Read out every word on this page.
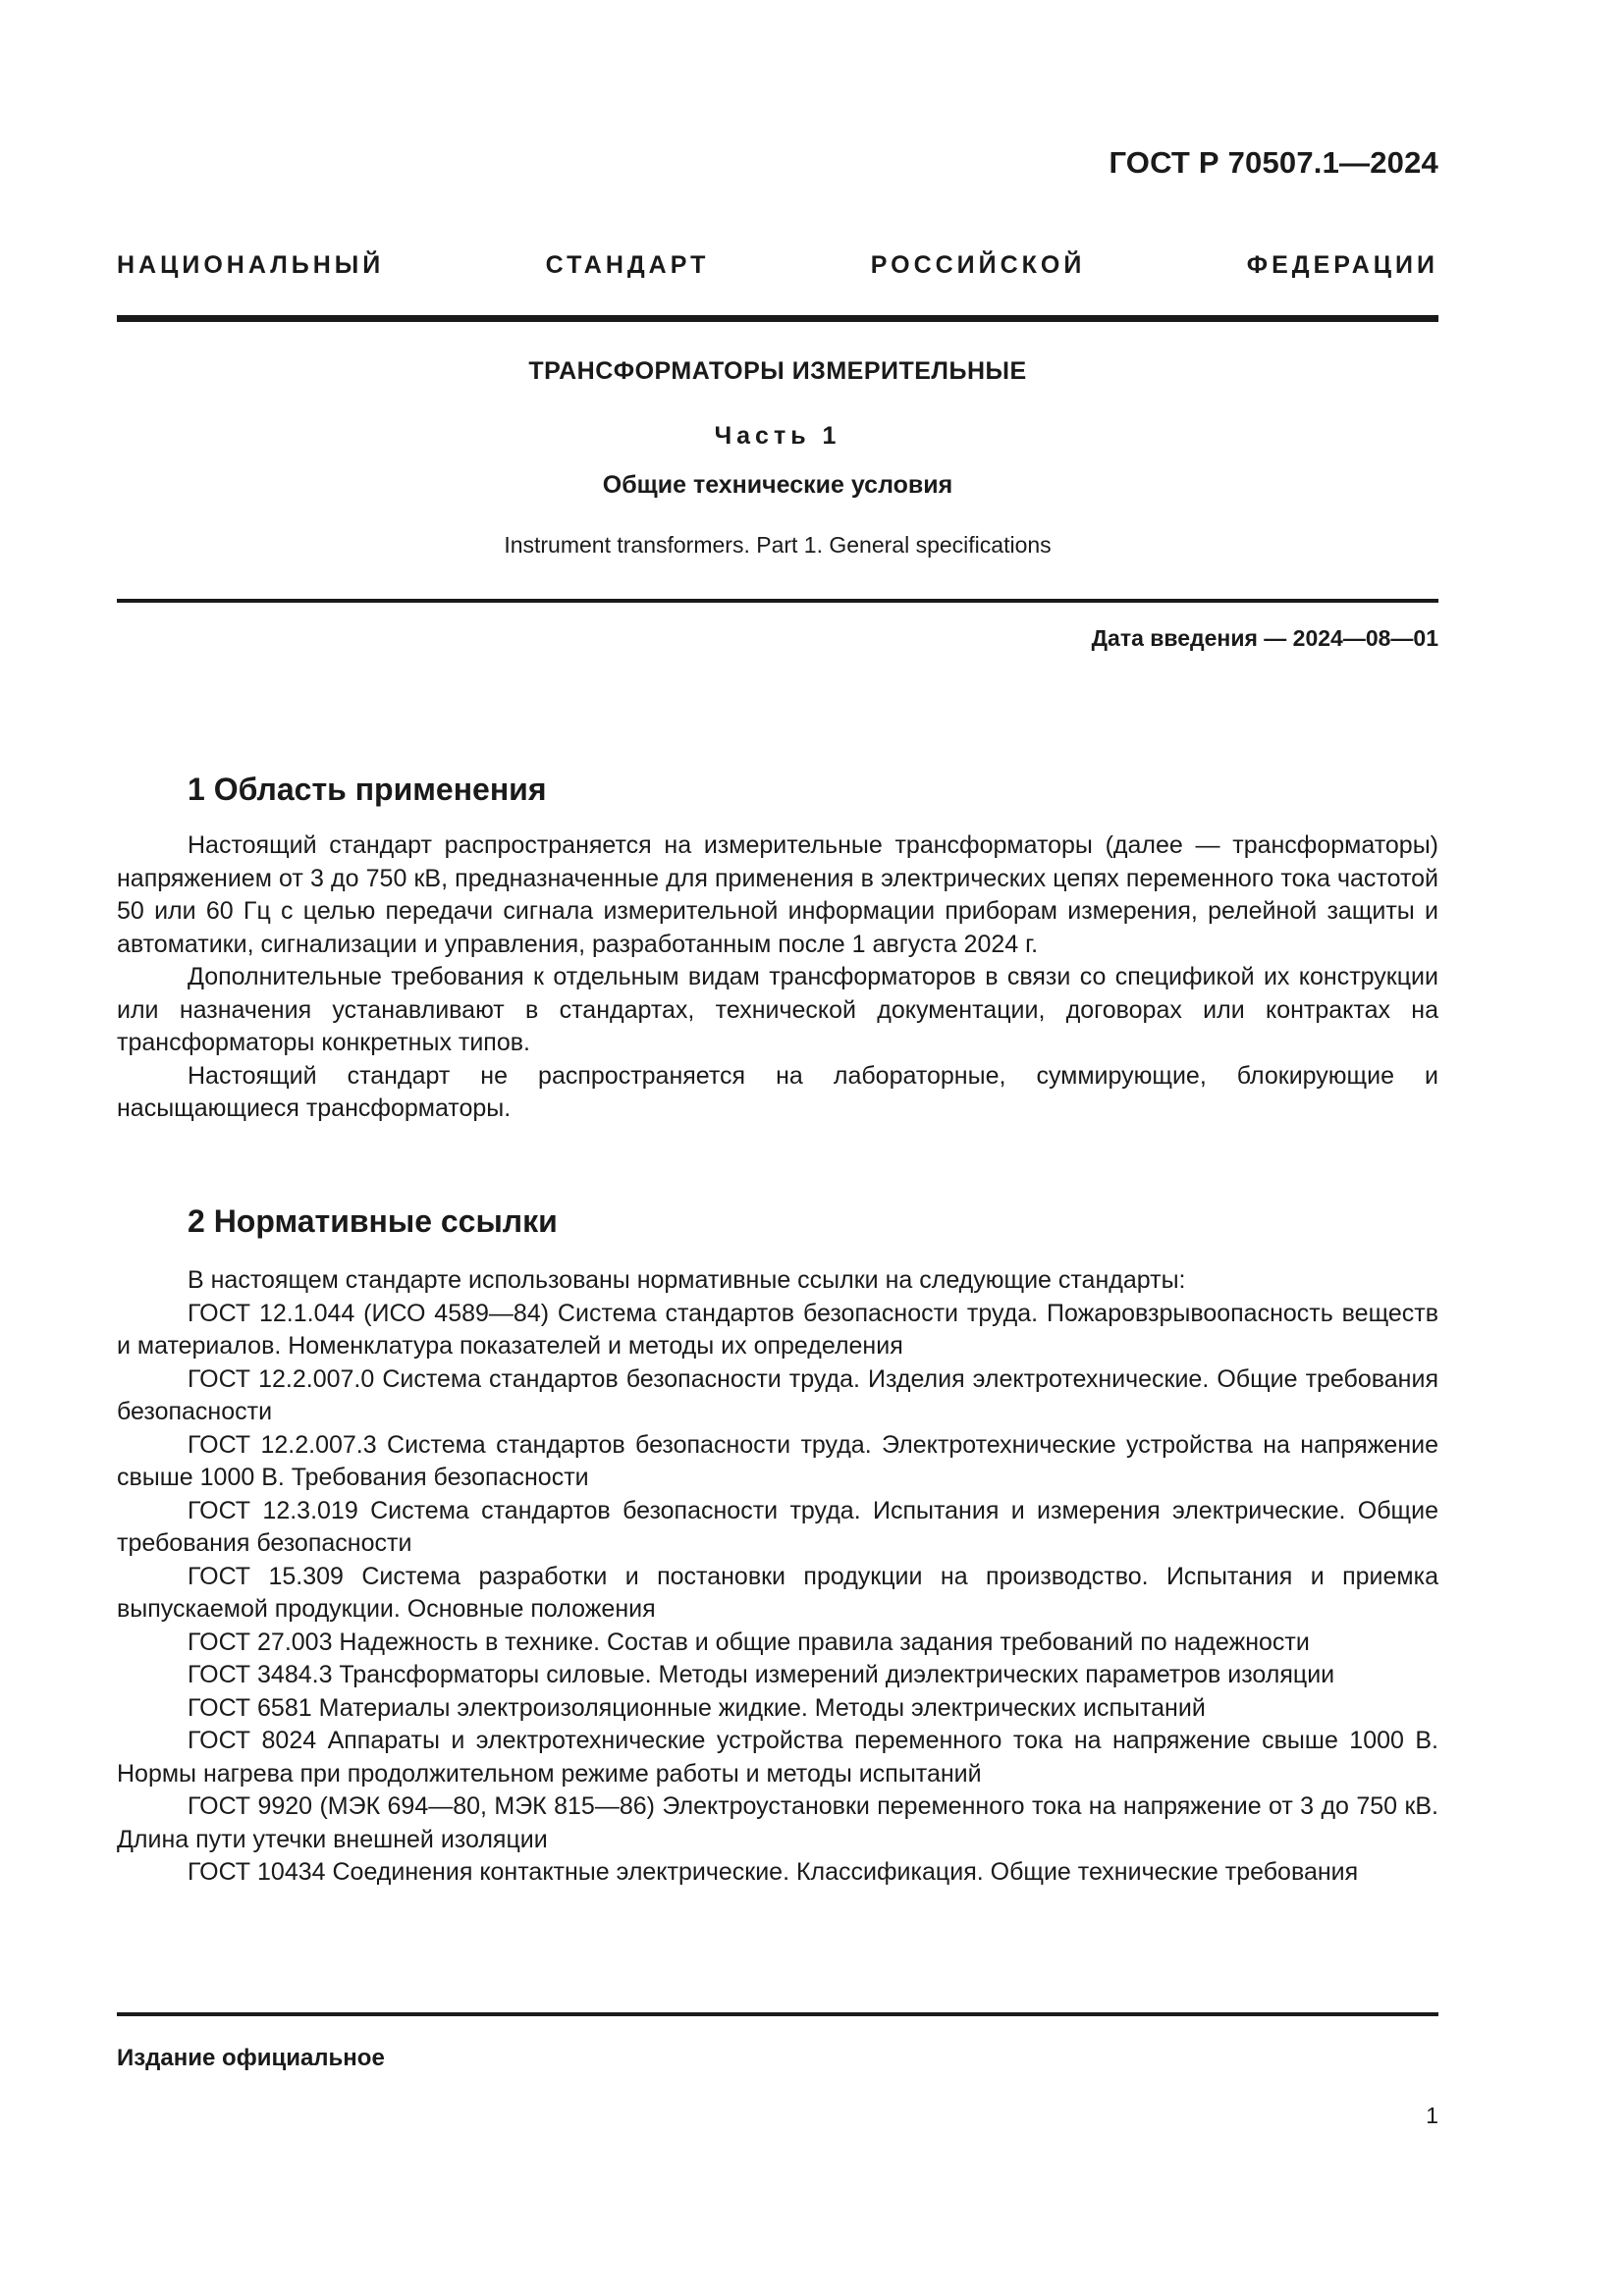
ГОСТ Р 70507.1—2024
НАЦИОНАЛЬНЫЙ СТАНДАРТ РОССИЙСКОЙ ФЕДЕРАЦИИ
ТРАНСФОРМАТОРЫ ИЗМЕРИТЕЛЬНЫЕ
Часть 1
Общие технические условия
Instrument transformers. Part 1. General specifications
Дата введения — 2024—08—01
1 Область применения

Настоящий стандарт распространяется на измерительные трансформаторы (далее — трансформаторы) напряжением от 3 до 750 кВ, предназначенные для применения в электрических цепях переменного тока частотой 50 или 60 Гц с целью передачи сигнала измерительной информации приборам измерения, релейной защиты и автоматики, сигнализации и управления, разработанным после 1 августа 2024 г.

Дополнительные требования к отдельным видам трансформаторов в связи со спецификой их конструкции или назначения устанавливают в стандартах, технической документации, договорах или контрактах на трансформаторы конкретных типов.

Настоящий стандарт не распространяется на лабораторные, суммирующие, блокирующие и насыщающиеся трансформаторы.

2 Нормативные ссылки

В настоящем стандарте использованы нормативные ссылки на следующие стандарты:

ГОСТ 12.1.044 (ИСО 4589—84) Система стандартов безопасности труда. Пожаровзрывоопасность веществ и материалов. Номенклатура показателей и методы их определения

ГОСТ 12.2.007.0 Система стандартов безопасности труда. Изделия электротехнические. Общие требования безопасности

ГОСТ 12.2.007.3 Система стандартов безопасности труда. Электротехнические устройства на напряжение свыше 1000 В. Требования безопасности

ГОСТ 12.3.019 Система стандартов безопасности труда. Испытания и измерения электрические. Общие требования безопасности

ГОСТ 15.309 Система разработки и постановки продукции на производство. Испытания и приемка выпускаемой продукции. Основные положения

ГОСТ 27.003 Надежность в технике. Состав и общие правила задания требований по надежности

ГОСТ 3484.3 Трансформаторы силовые. Методы измерений диэлектрических параметров изоляции

ГОСТ 6581 Материалы электроизоляционные жидкие. Методы электрических испытаний

ГОСТ 8024 Аппараты и электротехнические устройства переменного тока на напряжение свыше 1000 В. Нормы нагрева при продолжительном режиме работы и методы испытаний

ГОСТ 9920 (МЭК 694—80, МЭК 815—86) Электроустановки переменного тока на напряжение от 3 до 750 кВ. Длина пути утечки внешней изоляции

ГОСТ 10434 Соединения контактные электрические. Классификация. Общие технические требования

Издание официальное
1
